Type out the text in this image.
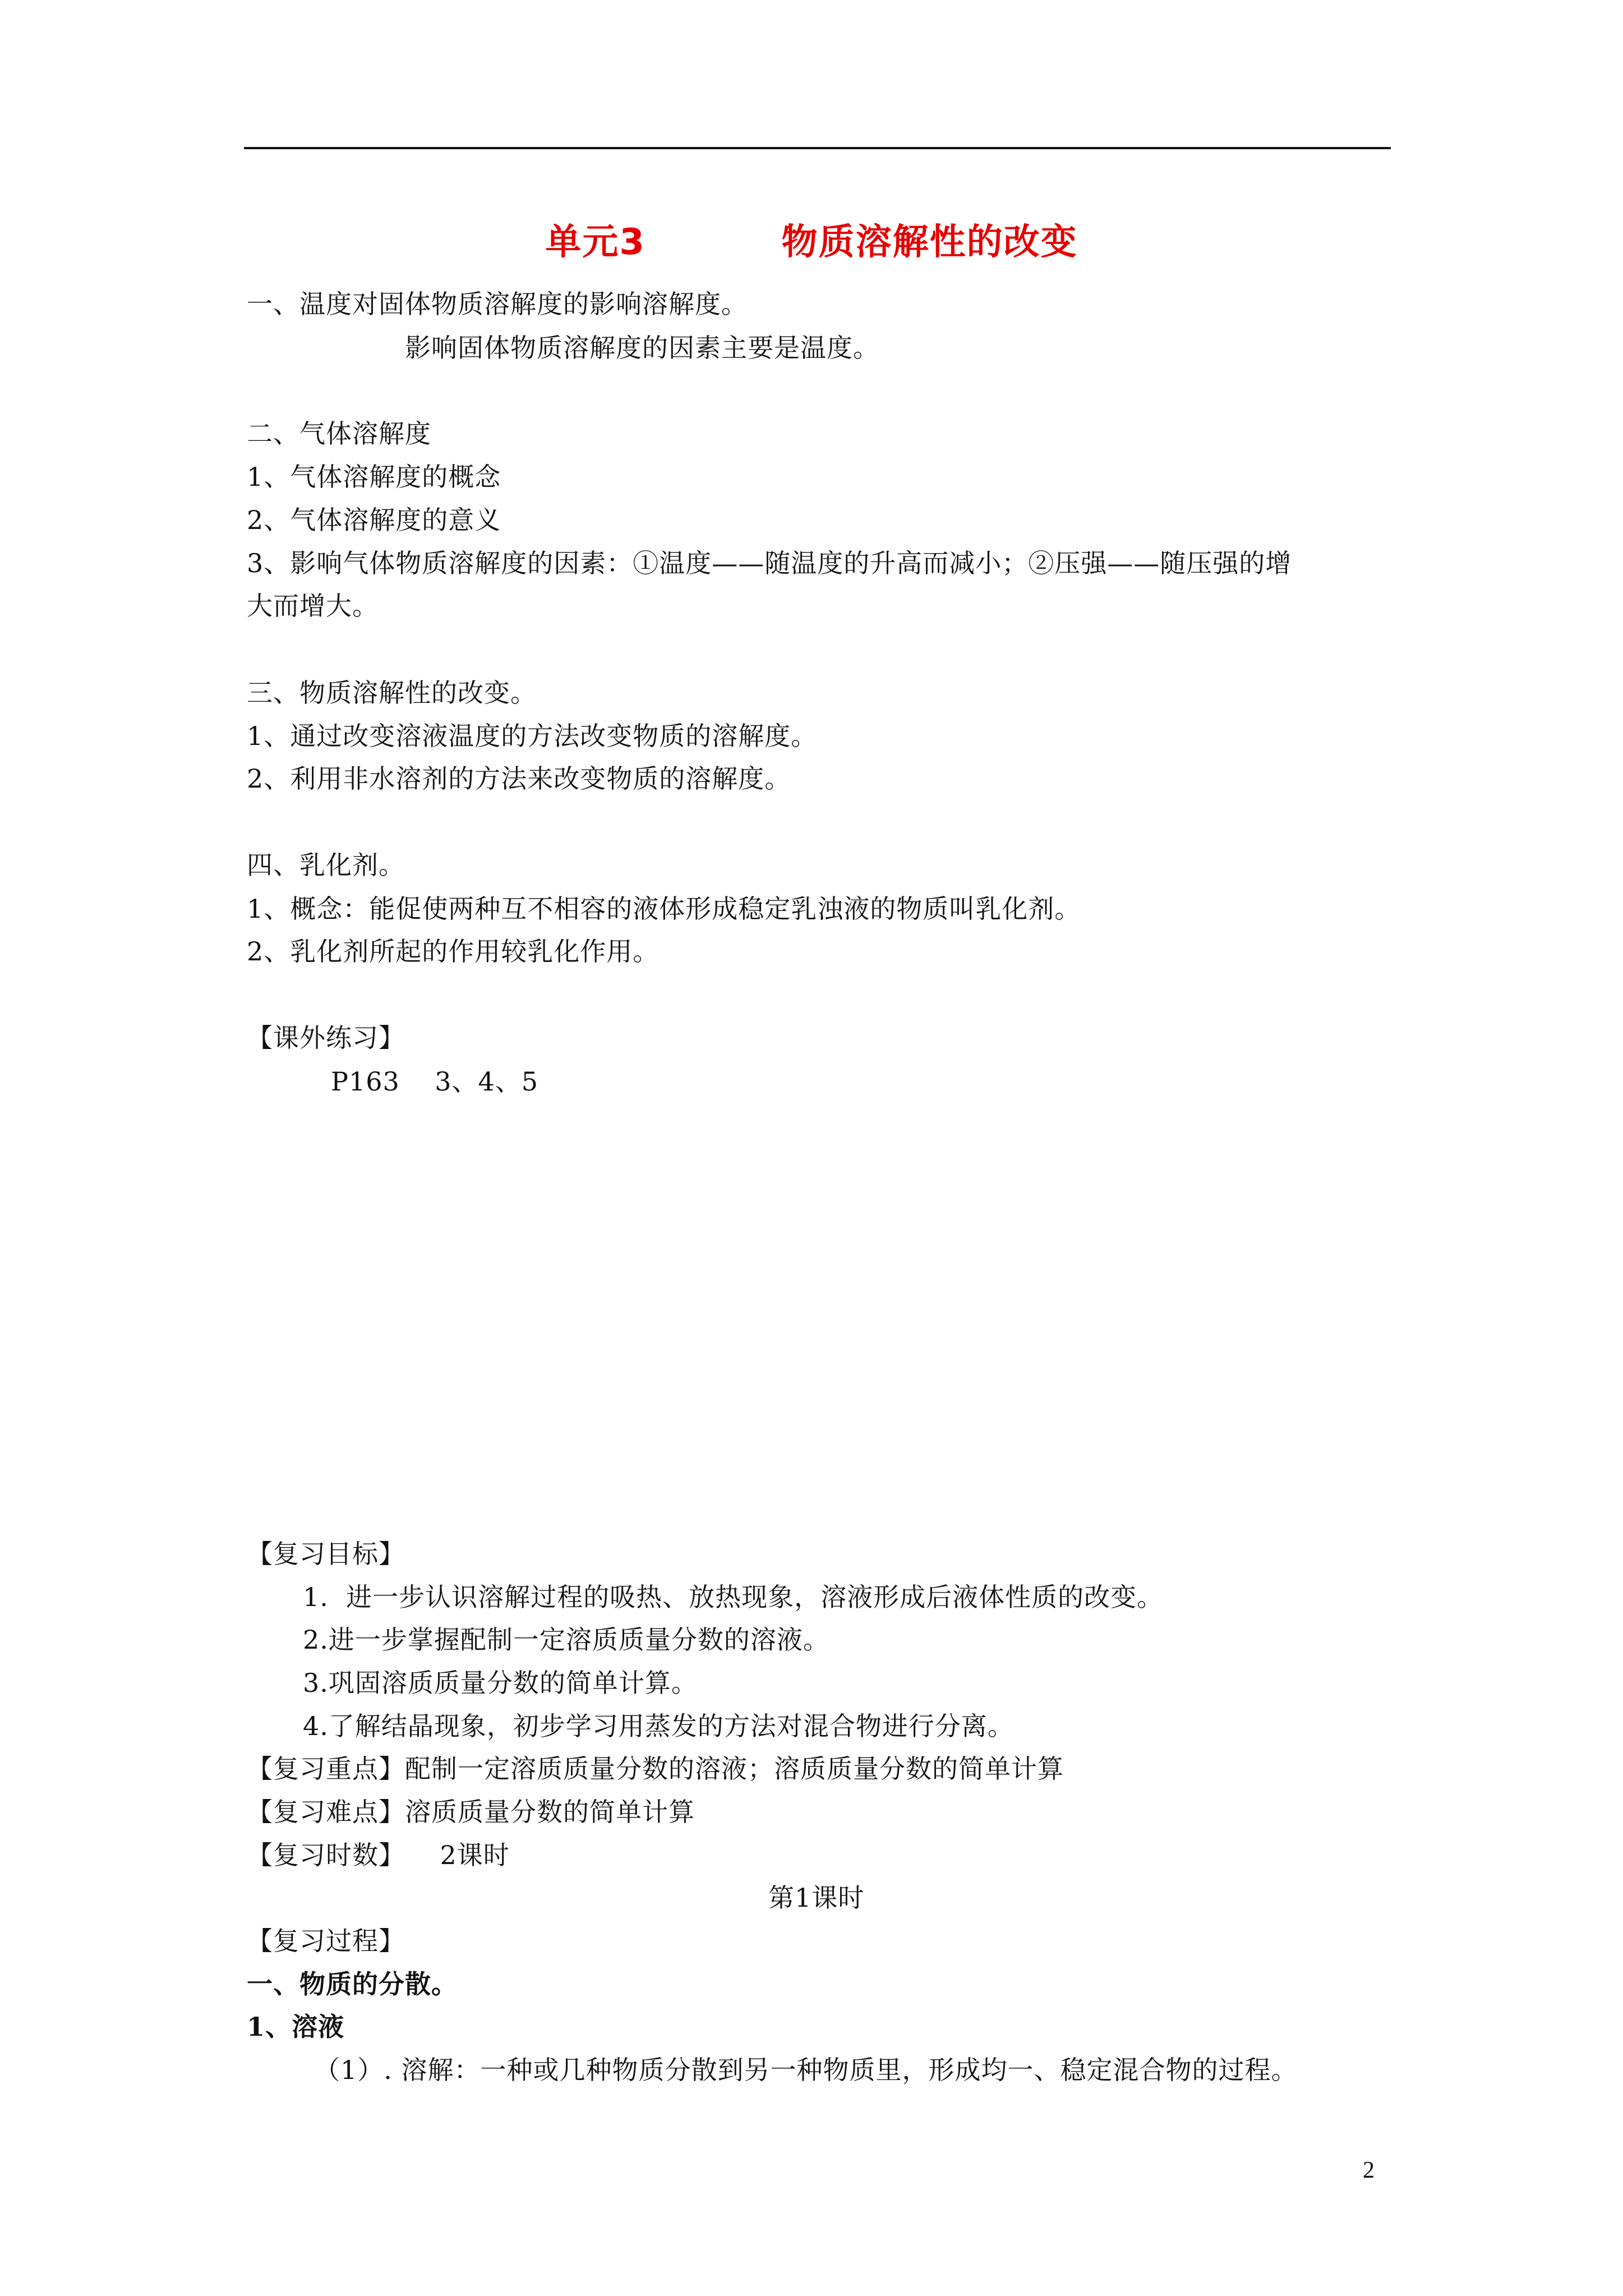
单元3          物质溶解性的改变
一、温度对固体物质溶解度的影响溶解度。
影响固体物质溶解度的因素主要是温度。
二、气体溶解度
1、气体溶解度的概念
2、气体溶解度的意义
3、影响气体物质溶解度的因素：①温度——随温度的升高而减小；②压强——随压强的增
大而增大。
三、物质溶解性的改变。
1、通过改变溶液温度的方法改变物质的溶解度。
2、利用非水溶剂的方法来改变物质的溶解度。
四、乳化剂。
1、概念：能促使两种互不相容的液体形成稳定乳浊液的物质叫乳化剂。
2、乳化剂所起的作用较乳化作用。
【课外练习】
P163    3、4、5
【复习目标】
1.  进一步认识溶解过程的吸热、放热现象，溶液形成后液体性质的改变。
2.进一步掌握配制一定溶质质量分数的溶液。
3.巩固溶质质量分数的简单计算。
4.了解结晶现象，初步学习用蒸发的方法对混合物进行分离。
【复习重点】配制一定溶质质量分数的溶液；溶质质量分数的简单计算
【复习难点】溶质质量分数的简单计算
【复习时数】    2课时
第1课时
【复习过程】
一、物质的分散。
1、溶液
（1）. 溶解：一种或几种物质分散到另一种物质里，形成均一、稳定混合物的过程。
2
